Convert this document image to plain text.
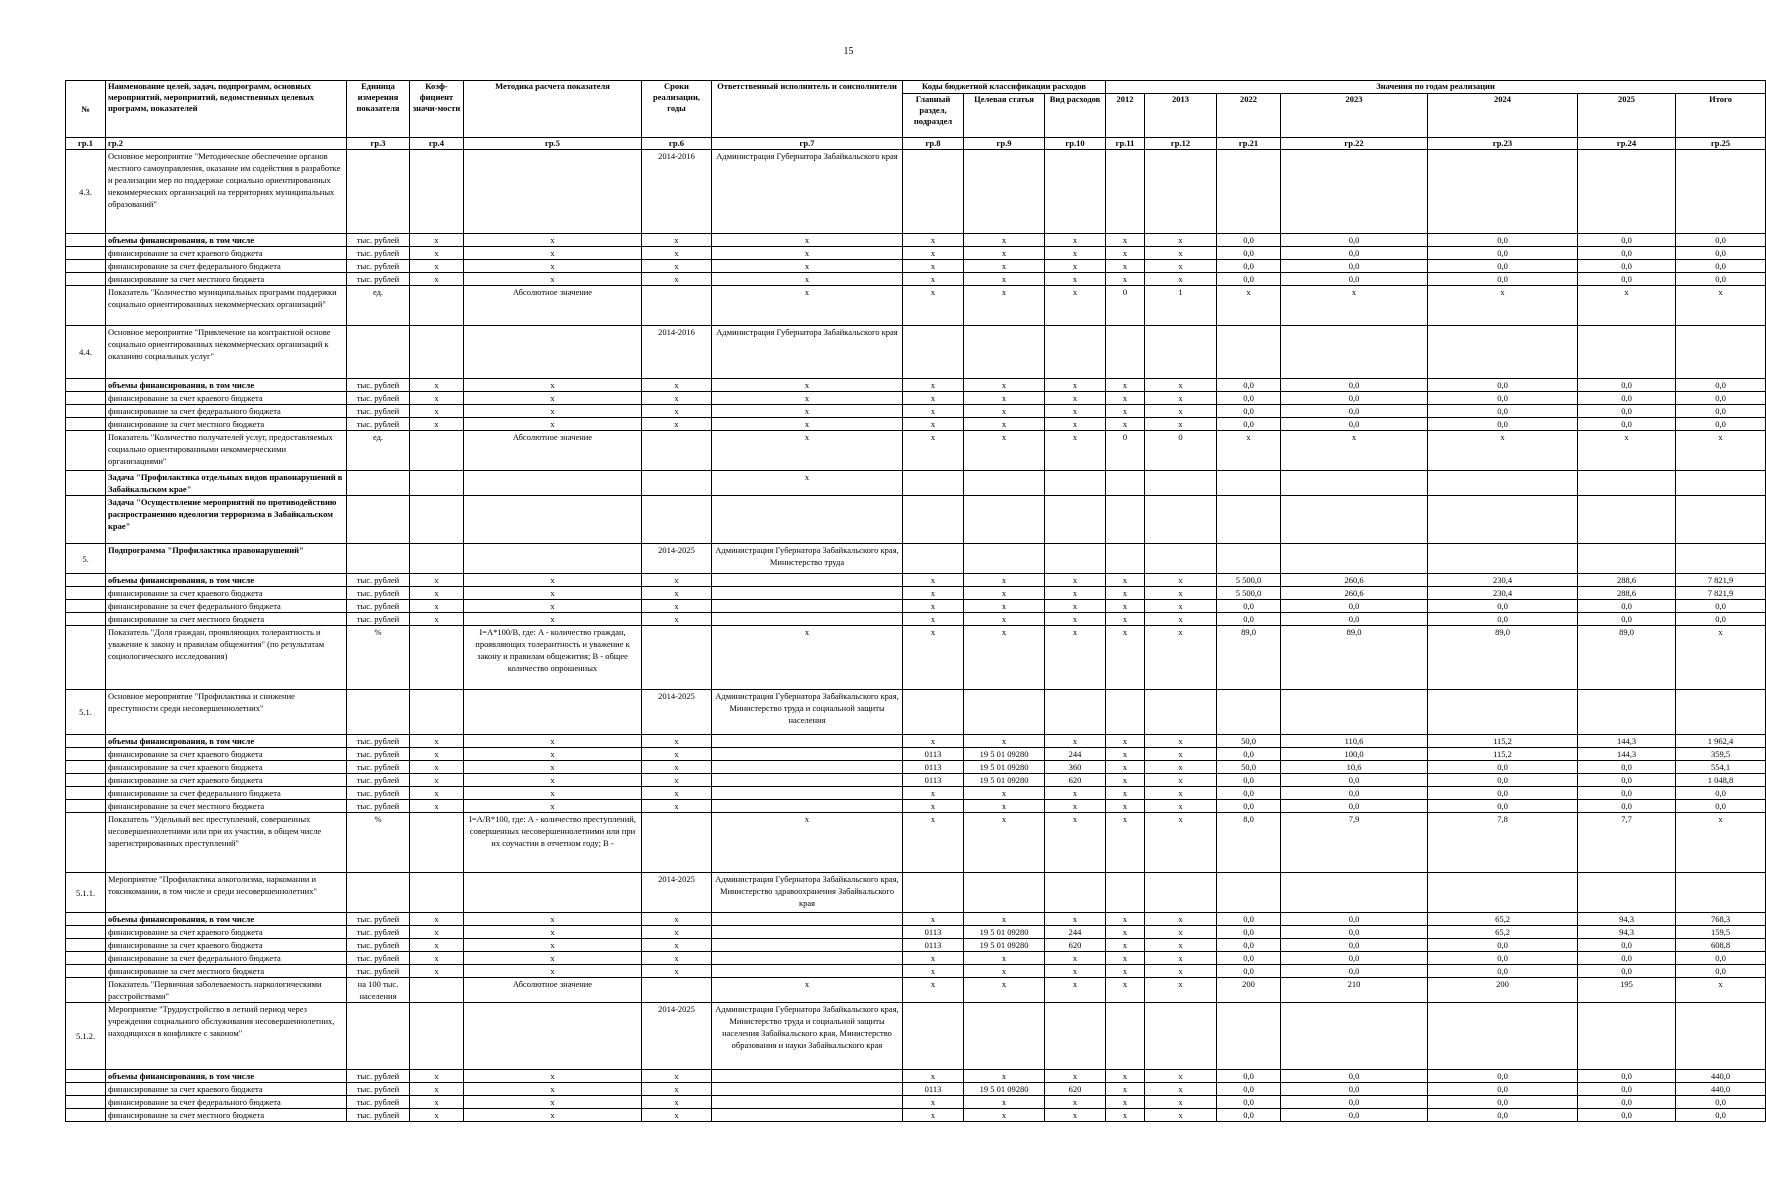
15
№	Наименование целей, задач, подпрограмм, основных мероприятий, мероприятий, ведомственных целевых программ, показателей	Единица измерения показателя	Коэф-фициент значи-мости	Методика расчета показателя	Сроки реализации, годы	Ответственный исполнитель и соисполнители	Коды бюджетной классификации расходов			Значения по годам реализации						
							Главный раздел, подраздел	Целевая статья	Вид расходов	2012	2013	2022	2023	2024	2025	Итого
гр.1	гр.2	гр.3	гр.4	гр.5	гр.6	гр.7	гр.8	гр.9	гр.10	гр.11	гр.12	гр.21	гр.22	гр.23	гр.24	гр.25
4.3.	Основное мероприятие "Методическое обеспечение органов местного самоуправления, оказание им содействия в разработке и реализации мер по поддержке социально ориентированных некоммерческих организаций на территориях муниципальных образований"				2014-2016	Администрация Губернатора Забайкальского края										
	объемы финансирования, в том числе	тыс. рублей	x	x	x	x	x	x	x	x	x	0,0	0,0	0,0	0,0	0,0
	финансирование за счет краевого бюджета	тыс. рублей	x	x	x	x	x	x	x	x	x	0,0	0,0	0,0	0,0	0,0
	финансирование за счет федерального бюджета	тыс. рублей	x	x	x	x	x	x	x	x	x	0,0	0,0	0,0	0,0	0,0
	финансирование за счет местного бюджета	тыс. рублей	x	x	x	x	x	x	x	x	x	0,0	0,0	0,0	0,0	0,0
	Показатель "Количество муниципальных программ поддержки социально ориентированных некоммерческих организаций"	ед.		Абсолютное значение		x	x	x	x	0	1	x	x	x	x	x
4.4.	Основное мероприятие "Привлечение на контрактной основе социально ориентированных некоммерческих организаций к оказанию социальных услуг"				2014-2016	Администрация Губернатора Забайкальского края										
	объемы финансирования, в том числе	тыс. рублей	x	x	x	x	x	x	x	x	x	0,0	0,0	0,0	0,0	0,0
	финансирование за счет краевого бюджета	тыс. рублей	x	x	x	x	x	x	x	x	x	0,0	0,0	0,0	0,0	0,0
	финансирование за счет федерального бюджета	тыс. рублей	x	x	x	x	x	x	x	x	x	0,0	0,0	0,0	0,0	0,0
	финансирование за счет местного бюджета	тыс. рублей	x	x	x	x	x	x	x	x	x	0,0	0,0	0,0	0,0	0,0
	Показатель "Количество получателей услуг, предоставляемых социально ориентированными некоммерческими организациями"	ед.		Абсолютное значение		x	x	x	x	0	0	x	x	x	x	x
	Задача "Профилактика отдельных видов правонарушений в Забайкальском крае"					x										
	Задача "Осуществление мероприятий по противодействию распространению идеологии терроризма в Забайкальском крае"															
5.	Подпрограмма "Профилактика правонарушений"				2014-2025	Администрация Губернатора Забайкальского края, Министерство труда										
	объемы финансирования, в том числе	тыс. рублей	x	x	x		x	x	x	x	x	5 500,0	260,6	230,4	288,6	7 821,9
	финансирование за счет краевого бюджета	тыс. рублей	x	x	x		x	x	x	x	x	5 500,0	260,6	230,4	288,6	7 821,9
	финансирование за счет федерального бюджета	тыс. рублей	x	x	x		x	x	x	x	x	0,0	0,0	0,0	0,0	0,0
	финансирование за счет местного бюджета	тыс. рублей	x	x	x		x	x	x	x	x	0,0	0,0	0,0	0,0	0,0
	Показатель "Доля граждан, проявляющих толерантность и уважение к закону и правилам общежития" (по результатам социологического исследования)	%		I=A*100/B, где: A - количество граждан, проявляющих толерантность и уважение к закону и правилам общежития; B - общее количество опрошенных		x	x	x	x	x	x	89,0	89,0	89,0	89,0	x
5.1.	Основное мероприятие "Профилактика и снижение преступности среди несовершеннолетних"				2014-2025	Администрация Губернатора Забайкальского края, Министерство труда и социальной защиты населения										
	объемы финансирования, в том числе	тыс. рублей	x	x	x		x	x	x	x	x	50,0	110,6	115,2	144,3	1 962,4
	финансирование за счет краевого бюджета	тыс. рублей	x	x	x		0113	19 5 01 09280	244	x	x	0,0	100,0	115,2	144,3	359,5
	финансирование за счет краевого бюджета	тыс. рублей	x	x	x		0113	19 5 01 09280	360	x	x	50,0	10,6	0,0	0,0	554,1
	финансирование за счет краевого бюджета	тыс. рублей	x	x	x		0113	19 5 01 09280	620	x	x	0,0	0,0	0,0	0,0	1 048,8
	финансирование за счет федерального бюджета	тыс. рублей	x	x	x		x	x	x	x	x	0,0	0,0	0,0	0,0	0,0
	финансирование за счет местного бюджета	тыс. рублей	x	x	x		x	x	x	x	x	0,0	0,0	0,0	0,0	0,0
	Показатель "Удельный вес преступлений, совершенных несовершеннолетними или при их участии, в общем числе зарегистрированных преступлений"	%		I=A/B*100, где: A - количество преступлений, совершенных несовершеннолетними или при их соучастии в отчетном году; B -		x	x	x	x	x	x	8,0	7,9	7,8	7,7	x
5.1.1.	Мероприятие "Профилактика алкоголизма, наркомании и токсикомании, в том числе и среди несовершеннолетних"				2014-2025	Администрация Губернатора Забайкальского края, Министерство здравоохранения Забайкальского края										
	объемы финансирования, в том числе	тыс. рублей	x	x	x		x	x	x	x	x	0,0	0,0	65,2	94,3	768,3
	финансирование за счет краевого бюджета	тыс. рублей	x	x	x		0113	19 5 01 09280	244	x	x	0,0	0,0	65,2	94,3	159,5
	финансирование за счет краевого бюджета	тыс. рублей	x	x	x		0113	19 5 01 09280	620	x	x	0,0	0,0	0,0	0,0	608,8
	финансирование за счет федерального бюджета	тыс. рублей	x	x	x		x	x	x	x	x	0,0	0,0	0,0	0,0	0,0
	финансирование за счет местного бюджета	тыс. рублей	x	x	x		x	x	x	x	x	0,0	0,0	0,0	0,0	0,0
	Показатель "Первичная заболеваемость наркологическими расстройствами"	на 100 тыс. населения		Абсолютное значение		x	x	x	x	x	x	200	210	200	195	x
5.1.2.	Мероприятие "Трудоустройство в летний период через учреждения социального обслуживания несовершеннолетних, находящихся в конфликте с законом"				2014-2025	Администрация Губернатора Забайкальского края, Министерство труда и социальной защиты населения Забайкальского края, Министерство образования и науки Забайкальского края										
	объемы финансирования, в том числе	тыс. рублей	x	x	x		x	x	x	x	x	0,0	0,0	0,0	0,0	440,0
	финансирование за счет краевого бюджета	тыс. рублей	x	x	x		0113	19 5 01 09280	620	x	x	0,0	0,0	0,0	0,0	440,0
	финансирование за счет федерального бюджета	тыс. рублей	x	x	x		x	x	x	x	x	0,0	0,0	0,0	0,0	0,0
	финансирование за счет местного бюджета	тыс. рублей	x	x	x		x	x	x	x	x	0,0	0,0	0,0	0,0	0,0
